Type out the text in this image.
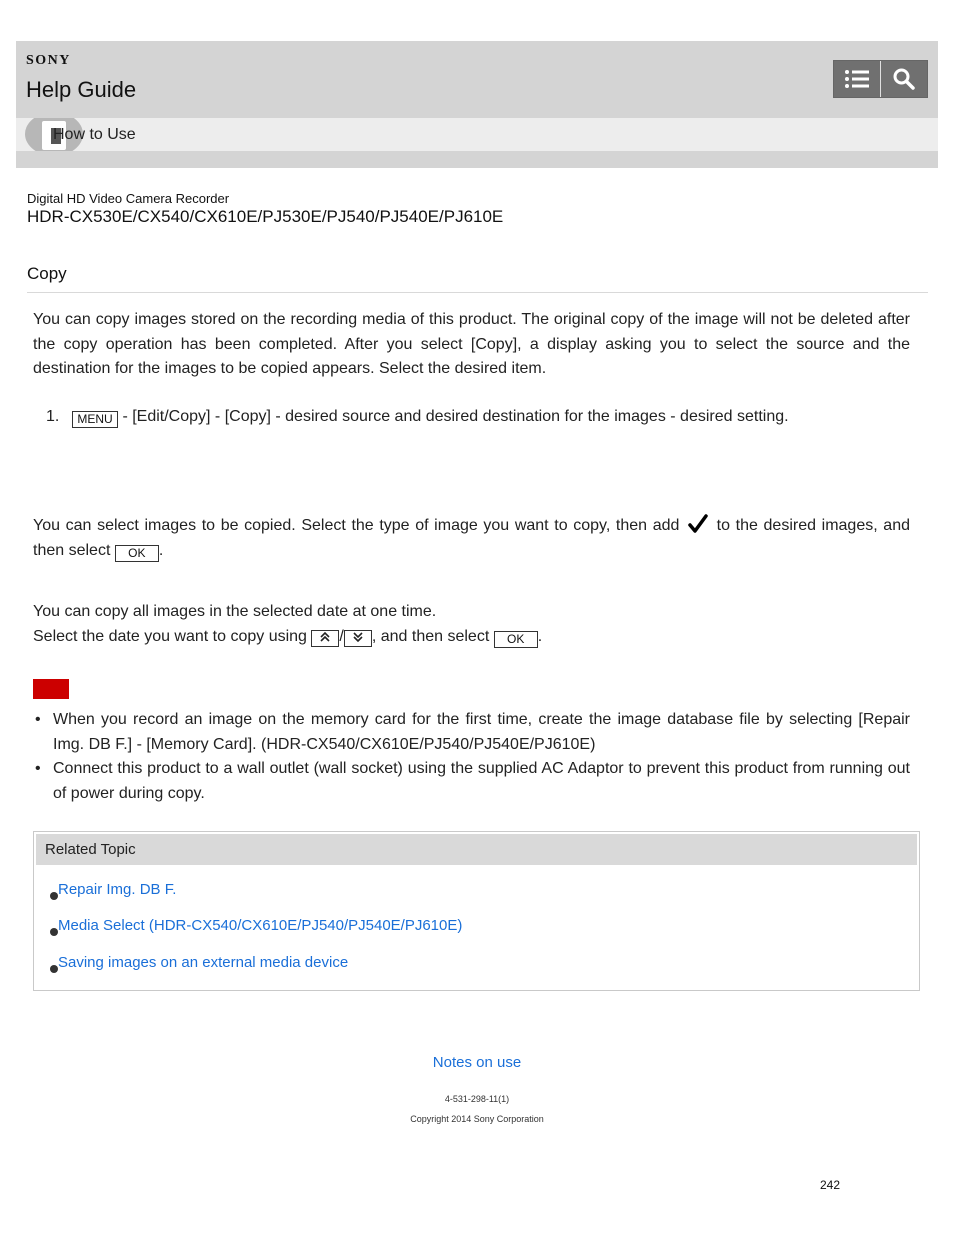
SONY
Help Guide
How to Use
Digital HD Video Camera Recorder
HDR-CX530E/CX540/CX610E/PJ530E/PJ540/PJ540E/PJ610E
Copy
You can copy images stored on the recording media of this product. The original copy of the image will not be deleted after the copy operation has been completed. After you select [Copy], a display asking you to select the source and the destination for the images to be copied appears. Select the desired item.
1. MENU - [Edit/Copy] - [Copy] - desired source and desired destination for the images - desired setting.
You can select images to be copied. Select the type of image you want to copy, then add  to the desired images, and then select OK .
You can copy all images in the selected date at one time.
Select the date you want to copy using / , and then select OK .
• When you record an image on the memory card for the first time, create the image database file by selecting [Repair Img. DB F.] - [Memory Card]. (HDR-CX540/CX610E/PJ540/PJ540E/PJ610E)
• Connect this product to a wall outlet (wall socket) using the supplied AC Adaptor to prevent this product from running out of power during copy.
Related Topic
Repair Img. DB F.
Media Select (HDR-CX540/CX610E/PJ540/PJ540E/PJ610E)
Saving images on an external media device
Notes on use
4-531-298-11(1)
Copyright 2014 Sony Corporation
242
